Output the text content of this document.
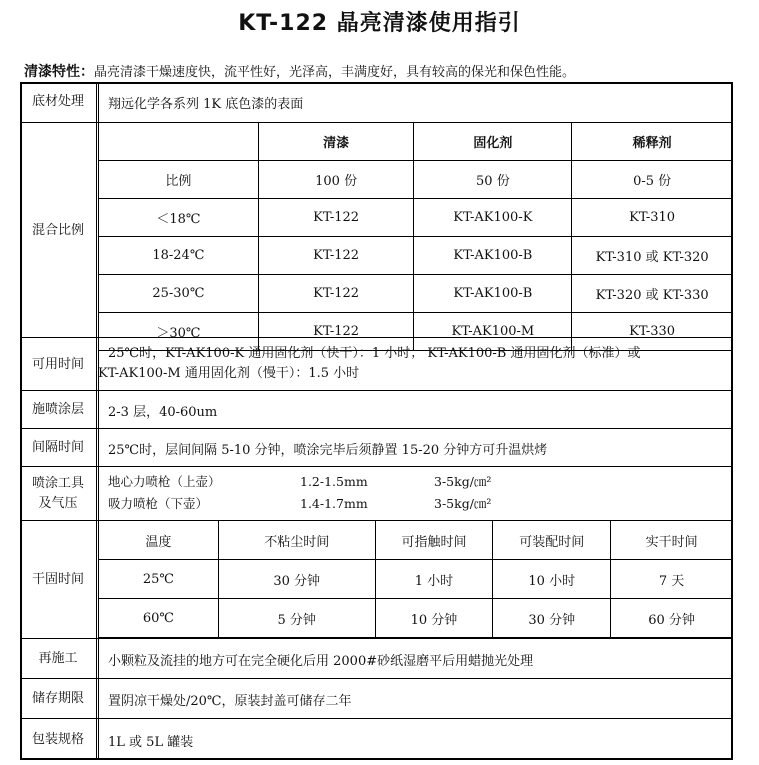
KT-122 晶亮清漆使用指引
清漆特性：晶亮清漆干燥速度快，流平性好，光泽高，丰满度好，具有较高的保光和保色性能。
底材处理 翔远化学各系列 1K 底色漆的表面
混合比例
	清漆	固化剂	稀释剂
比例	100 份	50 份	0-5 份
＜18℃	KT-122	KT-AK100-K	KT-310
18-24℃	KT-122	KT-AK100-B	KT-310 或 KT-320
25-30℃	KT-122	KT-AK100-B	KT-320 或 KT-330
＞30℃	KT-122	KT-AK100-M	KT-330
可用时间
25℃时，KT-AK100-K 通用固化剂（快干）：1 小时； KT-AK100-B 通用固化剂（标准）或
KT-AK100-M 通用固化剂（慢干）：1.5 小时
施喷涂层 2-3 层，40-60um
间隔时间 25℃时，层间间隔 5-10 分钟，喷涂完毕后须静置 15-20 分钟方可升温烘烤
喷涂工具
及气压
地心力喷枪（上壶）	1.2-1.5mm	3-5kg/㎝²
吸力喷枪（下壶）	1.4-1.7mm	3-5kg/㎝²
干固时间
温度	不粘尘时间	可指触时间	可装配时间	实干时间
25℃	30 分钟	1 小时	10 小时	7 天
60℃	5 分钟	10 分钟	30 分钟	60 分钟
再施工 小颗粒及流挂的地方可在完全硬化后用 2000#砂纸湿磨平后用蜡抛光处理
储存期限 置阴凉干燥处/20℃，原装封盖可储存二年
包装规格 1L 或 5L 罐装
